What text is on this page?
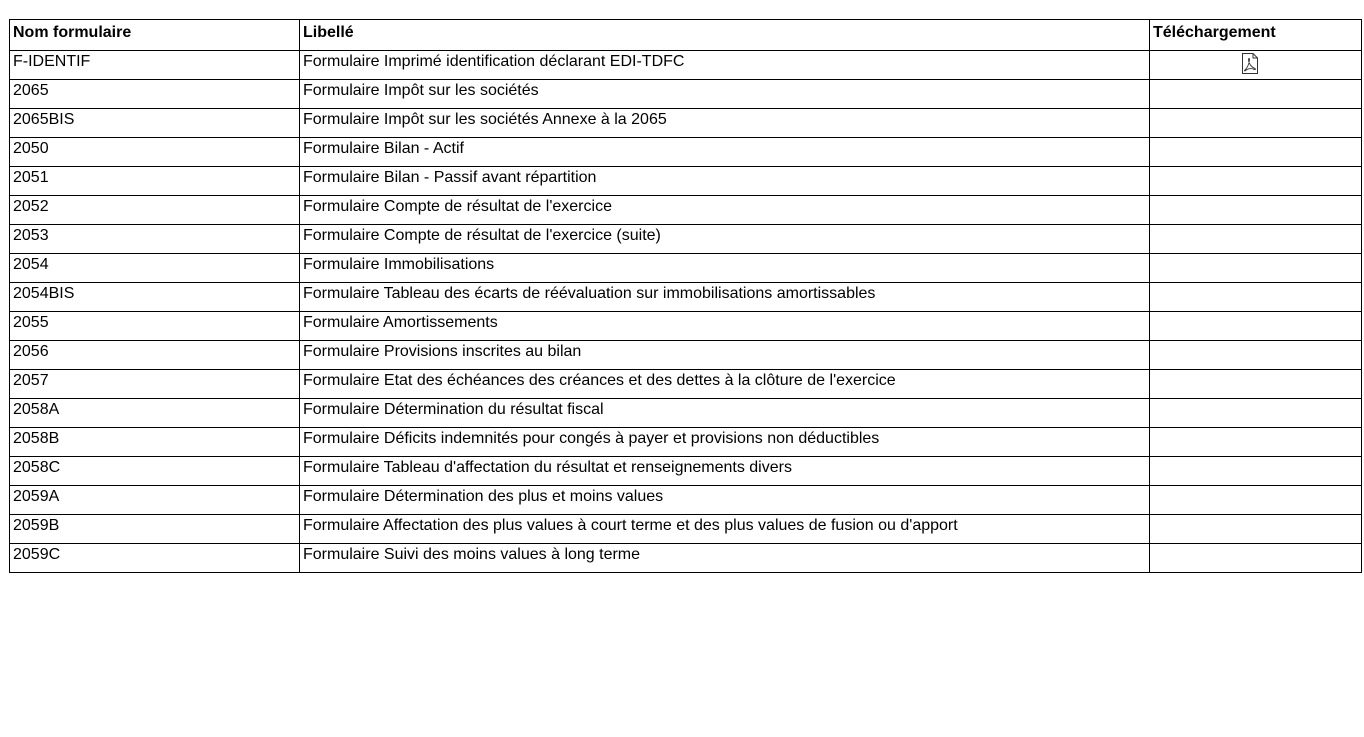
Nom formulaire	Libellé	Téléchargement
F-IDENTIF	Formulaire Imprimé identification déclarant EDI-TDFC	

2065	Formulaire Impôt sur les sociétés	
2065BIS	Formulaire Impôt sur les sociétés Annexe à la 2065	
2050	Formulaire Bilan - Actif	
2051	Formulaire Bilan - Passif avant répartition	
2052	Formulaire Compte de résultat de l'exercice	
2053	Formulaire Compte de résultat de l'exercice (suite)	
2054	Formulaire Immobilisations	
2054BIS	Formulaire Tableau des écarts de réévaluation sur immobilisations amortissables	
2055	Formulaire Amortissements	
2056	Formulaire Provisions inscrites au bilan	
2057	Formulaire Etat des échéances des créances et des dettes à la clôture de l'exercice	
2058A	Formulaire Détermination du résultat fiscal	
2058B	Formulaire Déficits indemnités pour congés à payer et provisions non déductibles	
2058C	Formulaire Tableau d'affectation du résultat et renseignements divers	
2059A	Formulaire Détermination des plus et moins values	
2059B	Formulaire Affectation des plus values à court terme et des plus values de fusion ou d'apport	
2059C	Formulaire Suivi des moins values à long terme	
